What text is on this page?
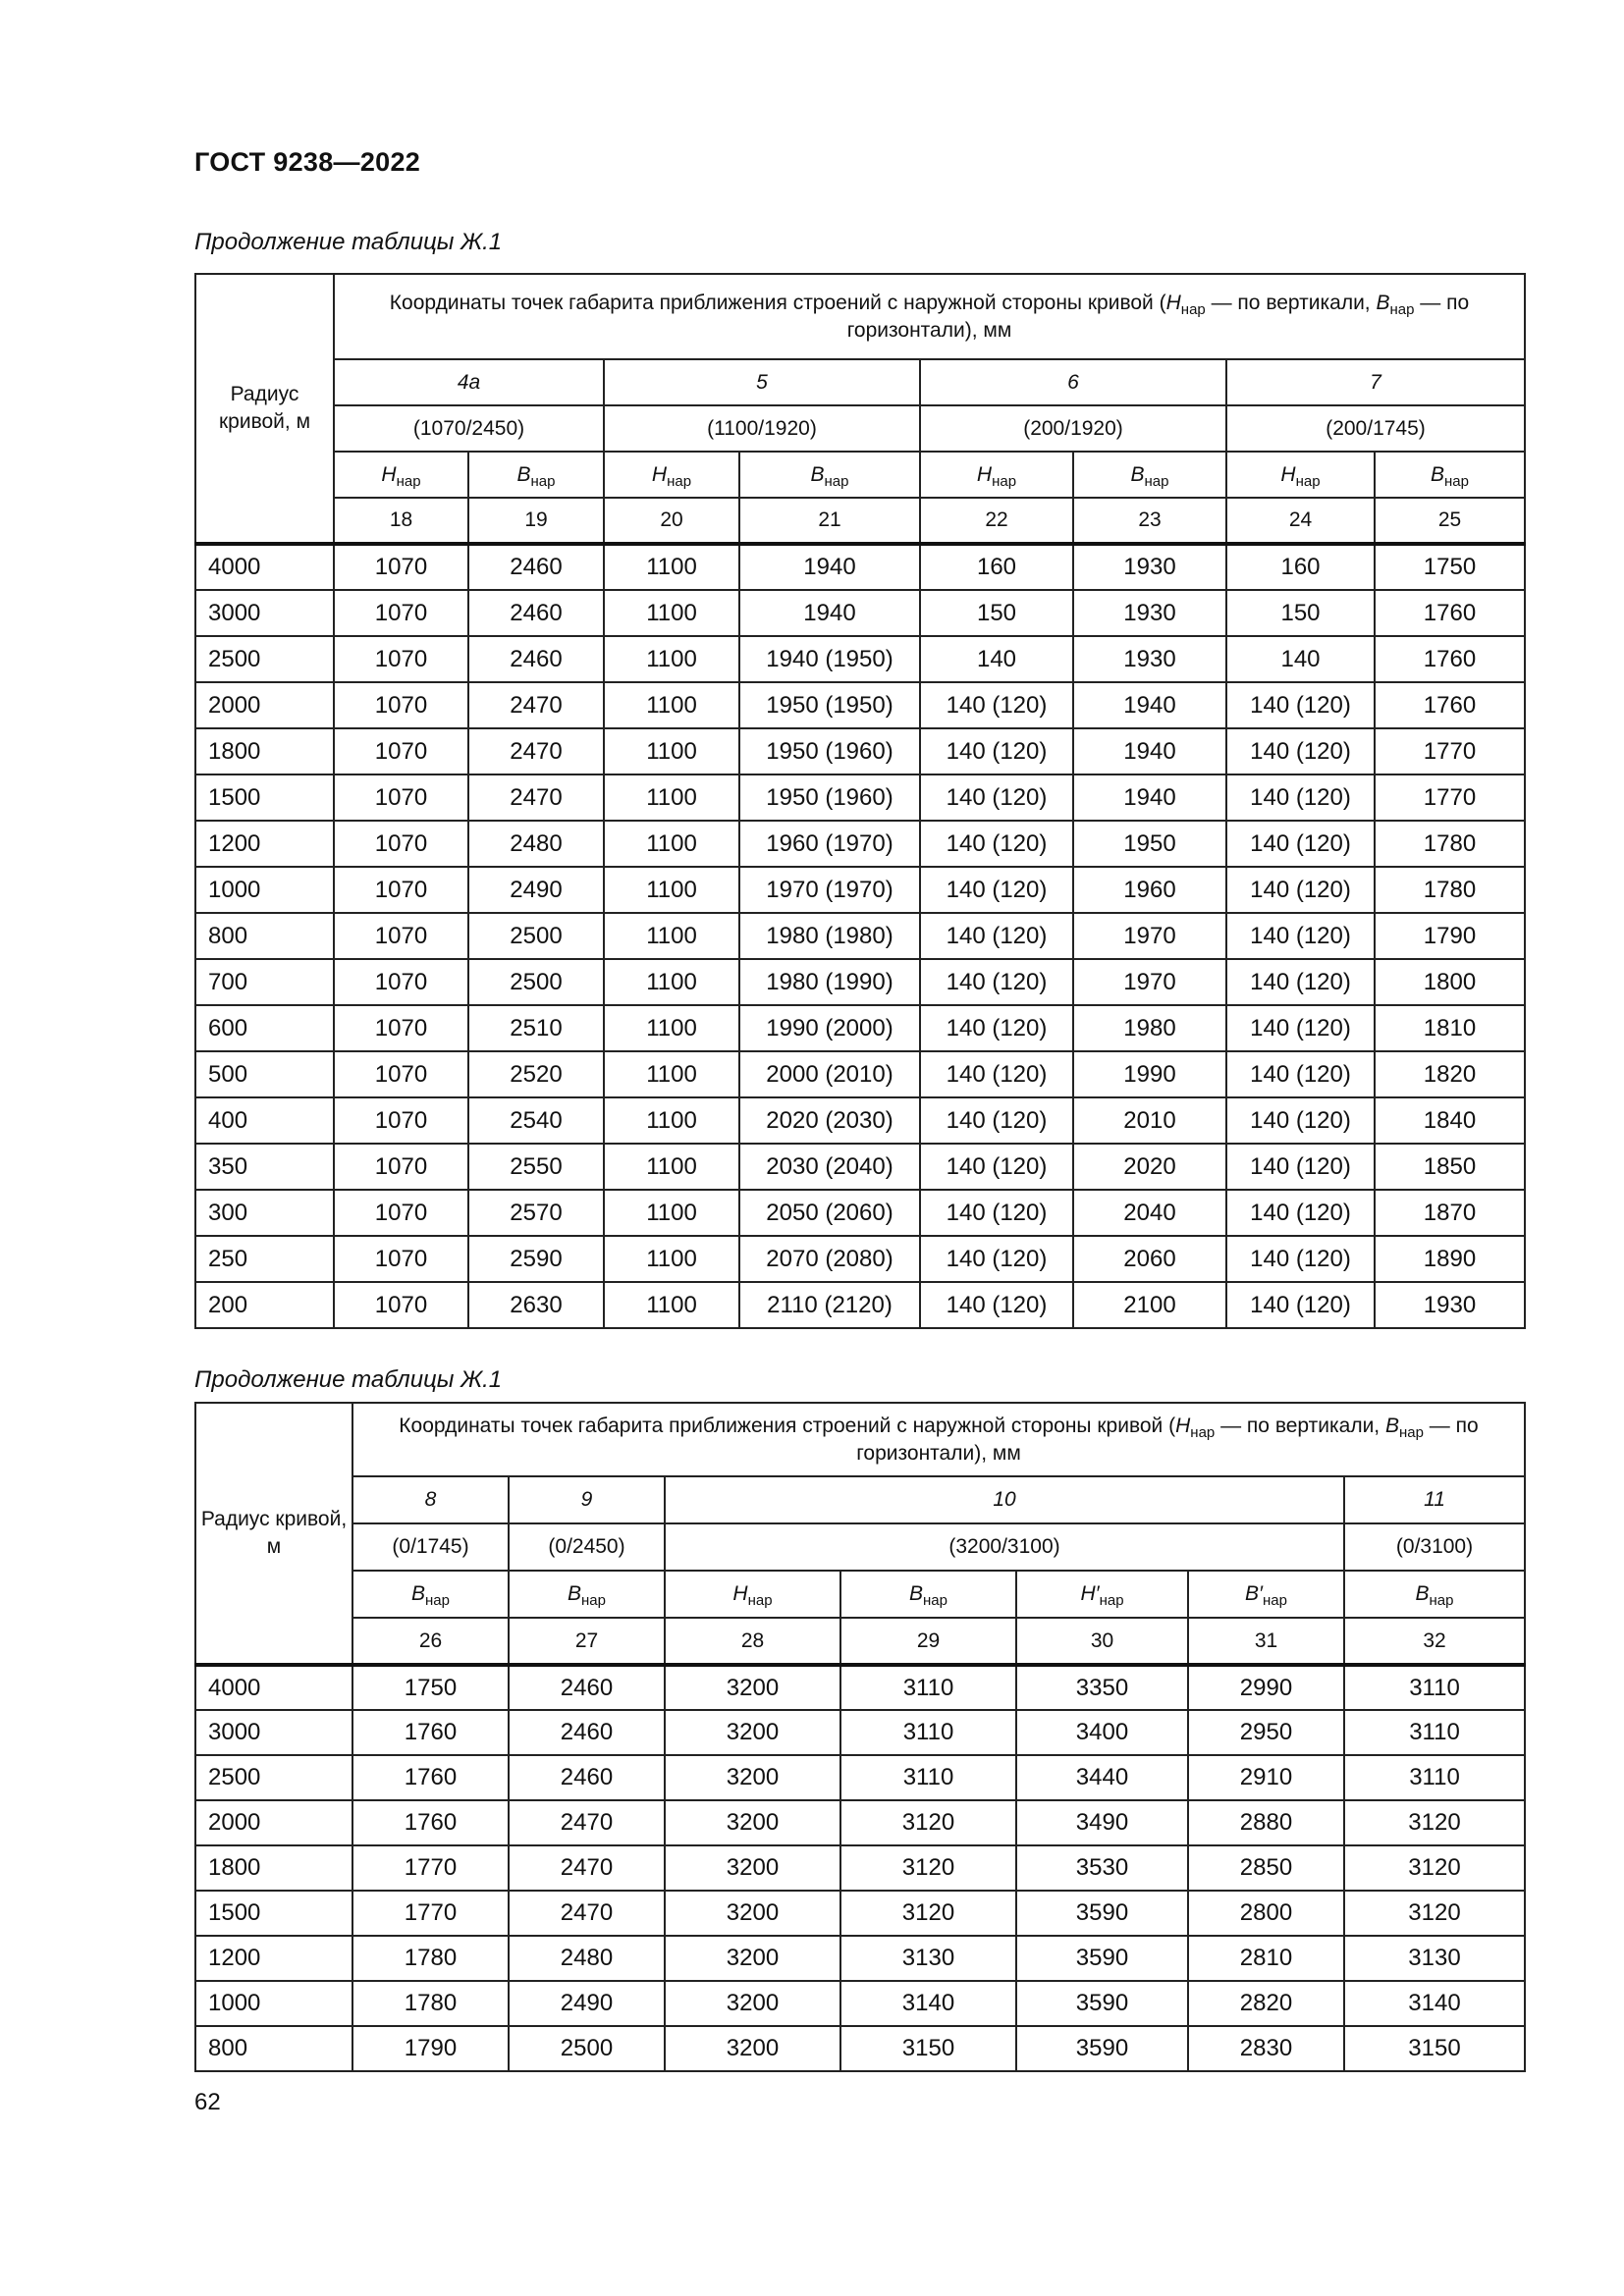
ГОСТ 9238—2022
Продолжение таблицы Ж.1
Радиус кривой, м	Координаты точек габарита приближения строений с наружной стороны кривой ($H_{нар}$ — по вертикали, $B_{нар}$ — по горизонтали), мм							
	4а		5		6		7	
	(1070/2450)		(1100/1920)		(200/1920)		(200/1745)	
	$H_{нар}$	$B_{нар}$	$H_{нар}$	$B_{нар}$	$H_{нар}$	$B_{нар}$	$H_{нар}$	$B_{нар}$
	18	19	20	21	22	23	24	25
4000	1070	2460	1100	1940	160	1930	160	1750
3000	1070	2460	1100	1940	150	1930	150	1760
2500	1070	2460	1100	1940 (1950)	140	1930	140	1760
2000	1070	2470	1100	1950 (1950)	140 (120)	1940	140 (120)	1760
1800	1070	2470	1100	1950 (1960)	140 (120)	1940	140 (120)	1770
1500	1070	2470	1100	1950 (1960)	140 (120)	1940	140 (120)	1770
1200	1070	2480	1100	1960 (1970)	140 (120)	1950	140 (120)	1780
1000	1070	2490	1100	1970 (1970)	140 (120)	1960	140 (120)	1780
800	1070	2500	1100	1980 (1980)	140 (120)	1970	140 (120)	1790
700	1070	2500	1100	1980 (1990)	140 (120)	1970	140 (120)	1800
600	1070	2510	1100	1990 (2000)	140 (120)	1980	140 (120)	1810
500	1070	2520	1100	2000 (2010)	140 (120)	1990	140 (120)	1820
400	1070	2540	1100	2020 (2030)	140 (120)	2010	140 (120)	1840
350	1070	2550	1100	2030 (2040)	140 (120)	2020	140 (120)	1850
300	1070	2570	1100	2050 (2060)	140 (120)	2040	140 (120)	1870
250	1070	2590	1100	2070 (2080)	140 (120)	2060	140 (120)	1890
200	1070	2630	1100	2110 (2120)	140 (120)	2100	140 (120)	1930
Продолжение таблицы Ж.1
Радиус кривой, м	Координаты точек габарита приближения строений с наружной стороны кривой ($H_{нар}$ — по вертикали, $B_{нар}$ — по горизонтали), мм						
	8	9	10				11
	(0/1745)	(0/2450)	(3200/3100)				(0/3100)
	$B_{нар}$	$B_{нар}$	$H_{нар}$	$B_{нар}$	$H'_{нар}$	$B'_{нар}$	$B_{нар}$
	26	27	28	29	30	31	32
4000	1750	2460	3200	3110	3350	2990	3110
3000	1760	2460	3200	3110	3400	2950	3110
2500	1760	2460	3200	3110	3440	2910	3110
2000	1760	2470	3200	3120	3490	2880	3120
1800	1770	2470	3200	3120	3530	2850	3120
1500	1770	2470	3200	3120	3590	2800	3120
1200	1780	2480	3200	3130	3590	2810	3130
1000	1780	2490	3200	3140	3590	2820	3140
800	1790	2500	3200	3150	3590	2830	3150
62
